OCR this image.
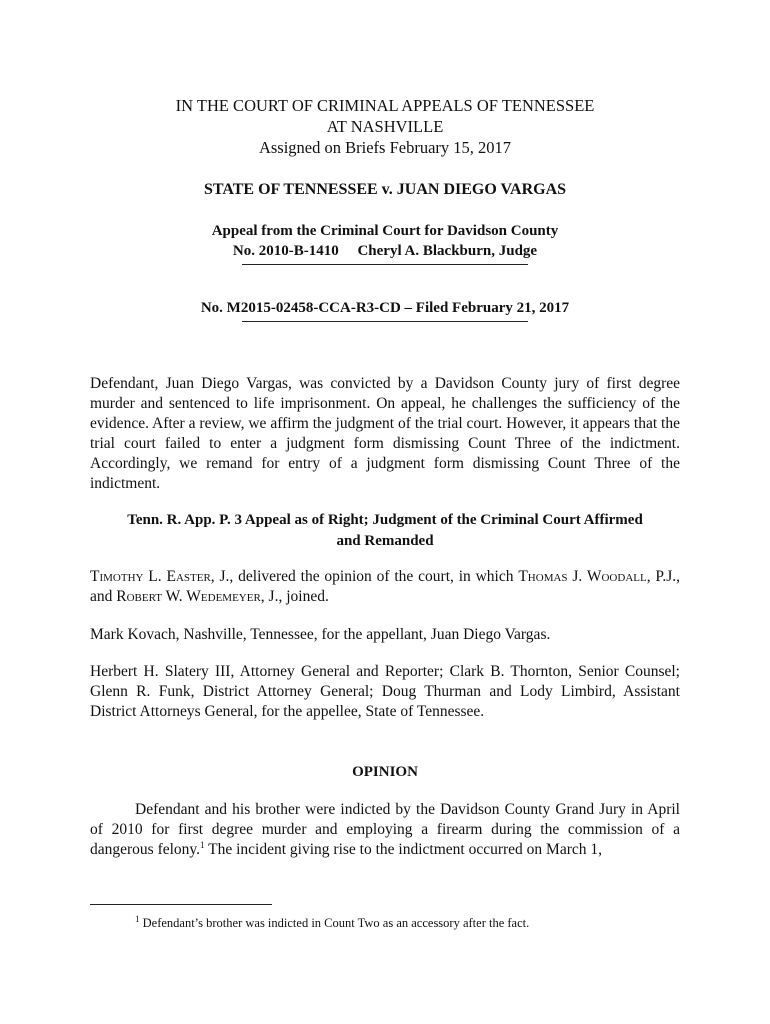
IN THE COURT OF CRIMINAL APPEALS OF TENNESSEE
AT NASHVILLE
Assigned on Briefs February 15, 2017
STATE OF TENNESSEE v. JUAN DIEGO VARGAS
Appeal from the Criminal Court for Davidson County
No. 2010-B-1410 Cheryl A. Blackburn, Judge
No. M2015-02458-CCA-R3-CD – Filed February 21, 2017

Defendant, Juan Diego Vargas, was convicted by a Davidson County jury of first degree murder and sentenced to life imprisonment. On appeal, he challenges the sufficiency of the evidence. After a review, we affirm the judgment of the trial court. However, it appears that the trial court failed to enter a judgment form dismissing Count Three of the indictment. Accordingly, we remand for entry of a judgment form dismissing Count Three of the indictment.

Tenn. R. App. P. 3 Appeal as of Right; Judgment of the Criminal Court Affirmed
and Remanded

Timothy L. Easter, J., delivered the opinion of the court, in which Thomas J. Woodall, P.J., and Robert W. Wedemeyer, J., joined.

Mark Kovach, Nashville, Tennessee, for the appellant, Juan Diego Vargas.

Herbert H. Slatery III, Attorney General and Reporter; Clark B. Thornton, Senior Counsel; Glenn R. Funk, District Attorney General; Doug Thurman and Lody Limbird, Assistant District Attorneys General, for the appellee, State of Tennessee.

OPINION

Defendant and his brother were indicted by the Davidson County Grand Jury in April of 2010 for first degree murder and employing a firearm during the commission of a dangerous felony.$^1$ The incident giving rise to the indictment occurred on March 1,

$^1$ Defendant’s brother was indicted in Count Two as an accessory after the fact.
